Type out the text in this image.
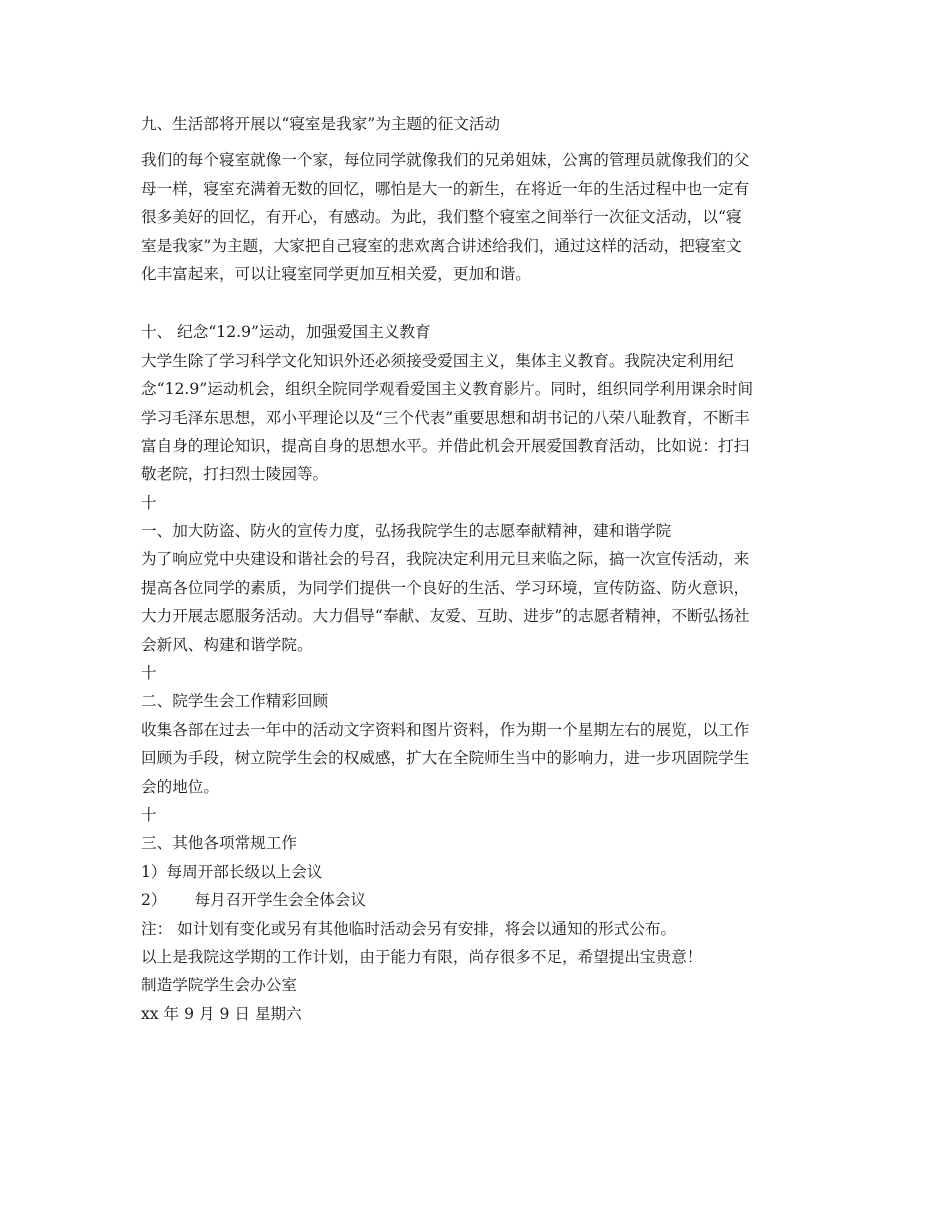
九、生活部将开展以“寝室是我家”为主题的征文活动
我们的每个寝室就像一个家，每位同学就像我们的兄弟姐妹，公寓的管理员就像我们的父
母一样，寝室充满着无数的回忆，哪怕是大一的新生，在将近一年的生活过程中也一定有
很多美好的回忆，有开心，有感动。为此，我们整个寝室之间举行一次征文活动，以“寝
室是我家”为主题，大家把自己寝室的悲欢离合讲述给我们，通过这样的活动，把寝室文
化丰富起来，可以让寝室同学更加互相关爱，更加和谐。
十、 纪念“12.9”运动，加强爱国主义教育
大学生除了学习科学文化知识外还必须接受爱国主义，集体主义教育。我院决定利用纪
念“12.9”运动机会，组织全院同学观看爱国主义教育影片。同时，组织同学利用课余时间
学习毛泽东思想，邓小平理论以及“三个代表”重要思想和胡书记的八荣八耻教育，不断丰
富自身的理论知识，提高自身的思想水平。并借此机会开展爱国教育活动，比如说：打扫
敬老院，打扫烈士陵园等。
十
一、加大防盗、防火的宣传力度，弘扬我院学生的志愿奉献精神，建和谐学院
为了响应党中央建设和谐社会的号召，我院决定利用元旦来临之际，搞一次宣传活动，来
提高各位同学的素质，为同学们提供一个良好的生活、学习环境，宣传防盗、防火意识，
大力开展志愿服务活动。大力倡导“奉献、友爱、互助、进步”的志愿者精神，不断弘扬社
会新风、构建和谐学院。
十
二、院学生会工作精彩回顾
收集各部在过去一年中的活动文字资料和图片资料，作为期一个星期左右的展览，以工作
回顾为手段，树立院学生会的权威感，扩大在全院师生当中的影响力，进一步巩固院学生
会的地位。
十
三、其他各项常规工作
1）每周开部长级以上会议
2） 每月召开学生会全体会议
注： 如计划有变化或另有其他临时活动会另有安排，将会以通知的形式公布。
以上是我院这学期的工作计划，由于能力有限，尚存很多不足，希望提出宝贵意！
制造学院学生会办公室
xx 年 9 月 9 日 星期六
